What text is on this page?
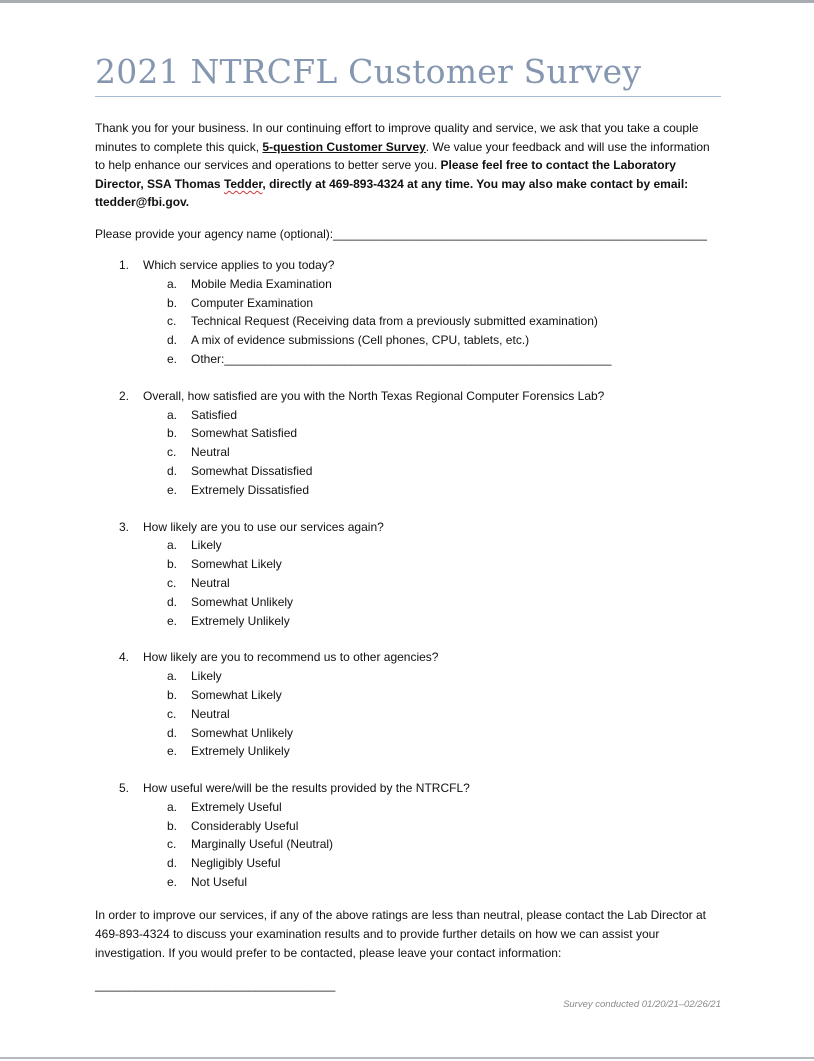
2021 NTRCFL Customer Survey

Thank you for your business. In our continuing effort to improve quality and service, we ask that you take a couple minutes to complete this quick, 5-question Customer Survey. We value your feedback and will use the information to help enhance our services and operations to better serve you. Please feel free to contact the Laboratory Director, SSA Thomas Tedder, directly at 469-893-4324 at any time. You may also make contact by email: ttedder@fbi.gov.

Please provide your agency name (optional):________________________________________________________
1.	Which service applies to you today?
a.	Mobile Media Examination
b.	Computer Examination
c.	Technical Request (Receiving data from a previously submitted examination)
d.	A mix of evidence submissions (Cell phones, CPU, tablets, etc.)
e.	Other:__________________________________________________________
2.	Overall, how satisfied are you with the North Texas Regional Computer Forensics Lab?
a.	Satisfied
b.	Somewhat Satisfied
c.	Neutral
d.	Somewhat Dissatisfied
e.	Extremely Dissatisfied
3.	How likely are you to use our services again?
a.	Likely
b.	Somewhat Likely
c.	Neutral
d.	Somewhat Unlikely
e.	Extremely Unlikely
4.	How likely are you to recommend us to other agencies?
a.	Likely
b.	Somewhat Likely
c.	Neutral
d.	Somewhat Unlikely
e.	Extremely Unlikely
5.	How useful were/will be the results provided by the NTRCFL?
a.	Extremely Useful
b.	Considerably Useful
c.	Marginally Useful (Neutral)
d.	Negligibly Useful
e.	Not Useful

In order to improve our services, if any of the above ratings are less than neutral, please contact the Lab Director at 469-893-4324 to discuss your examination results and to provide further details on how we can assist your investigation. If you would prefer to be contacted, please leave your contact information:

____________________________________
Survey conducted 01/20/21–02/26/21
